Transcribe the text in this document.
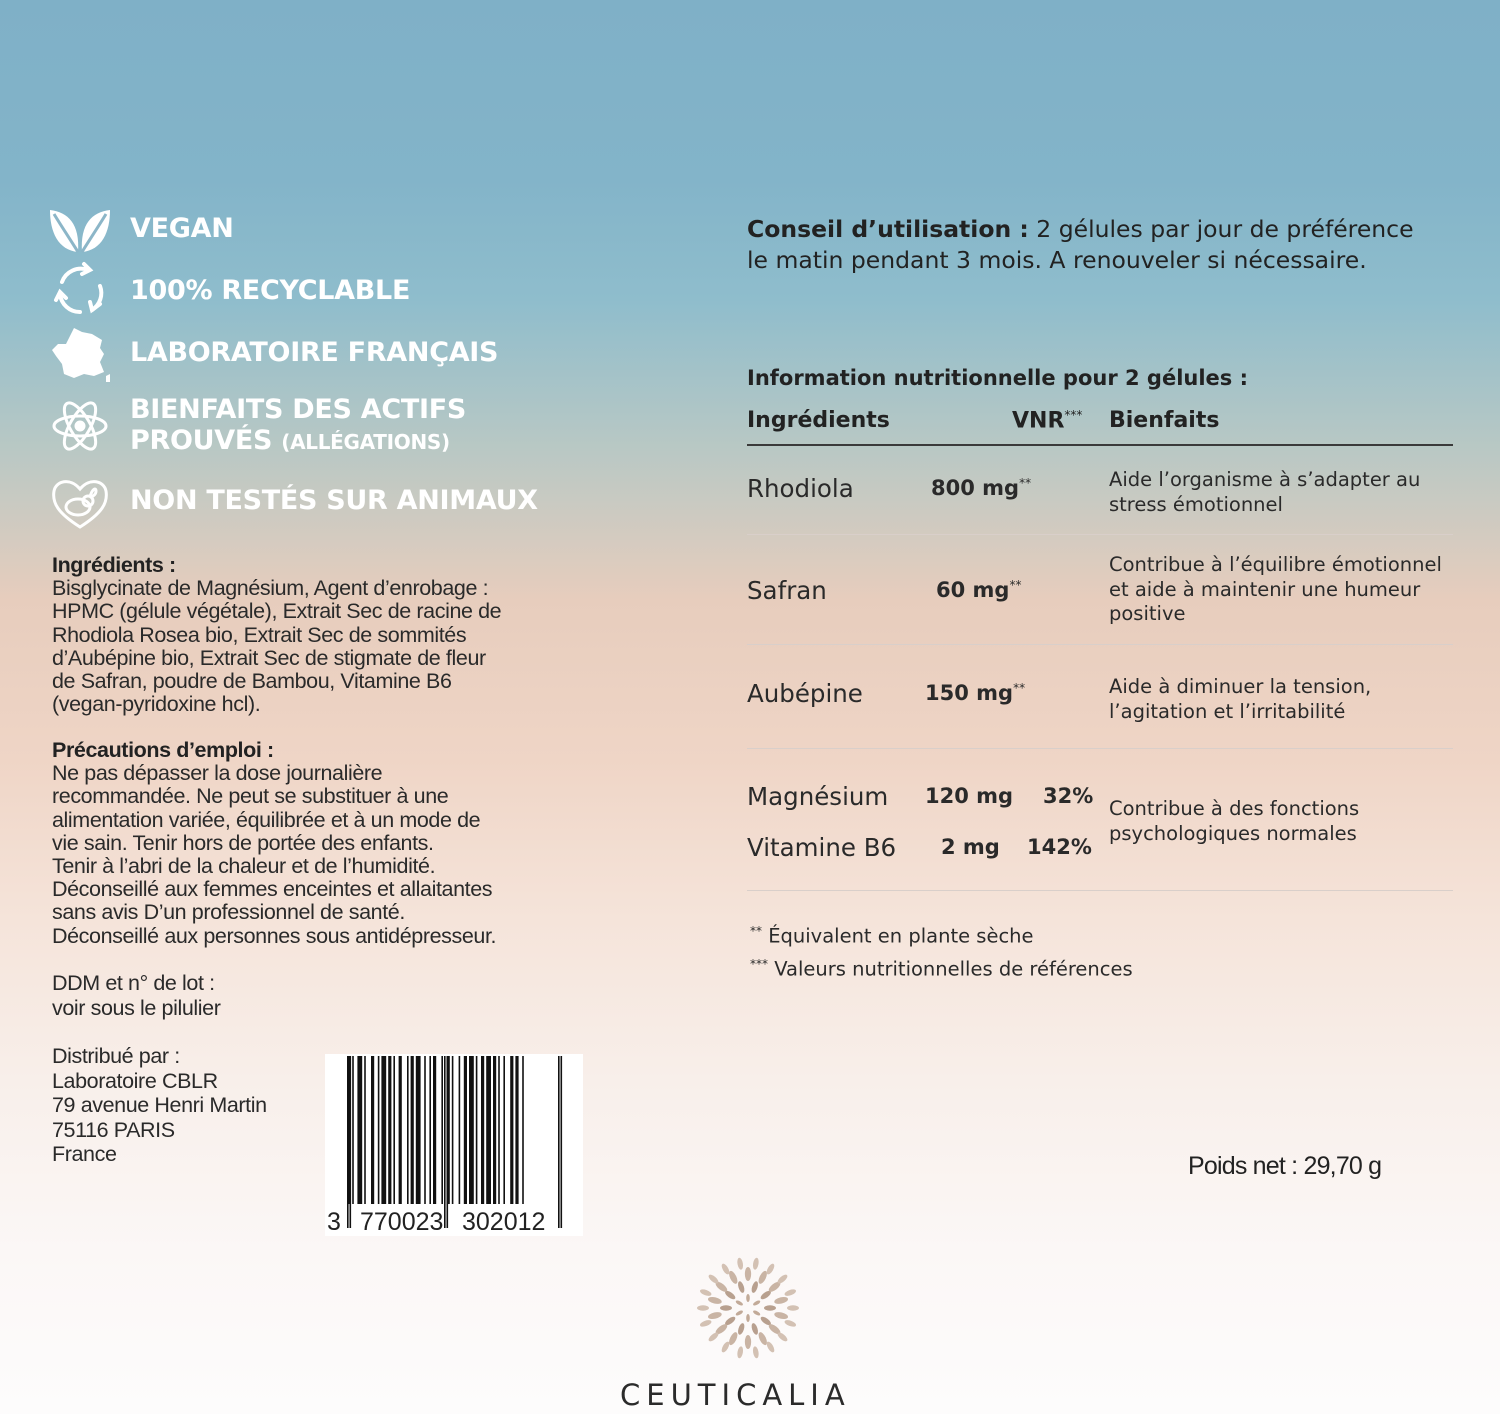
VEGAN
100% RECYCLABLE
LABORATOIRE FRANÇAIS
BIENFAITS DES ACTIFS
PROUVÉS (ALLÉGATIONS)
NON TESTÉS SUR ANIMAUX
Ingrédients :
Bisglycinate de Magnésium, Agent d’enrobage :
HPMC (gélule végétale), Extrait Sec de racine de
Rhodiola Rosea bio, Extrait Sec de sommités
d’Aubépine bio, Extrait Sec de stigmate de fleur
de Safran, poudre de Bambou, Vitamine B6
(vegan-pyridoxine hcl).
Précautions d’emploi :
Ne pas dépasser la dose journalière
recommandée. Ne peut se substituer à une
alimentation variée, équilibrée et à un mode de
vie sain. Tenir hors de portée des enfants.
Tenir à l’abri de la chaleur et de l’humidité.
Déconseillé aux femmes enceintes et allaitantes
sans avis D’un professionnel de santé.
Déconseillé aux personnes sous antidépresseur.
DDM et n° de lot :
voir sous le pilulier
Distribué par :
Laboratoire CBLR
79 avenue Henri Martin
75116 PARIS
France
3 770023 302012
Conseil d’utilisation : 2 gélules par jour de préférence
le matin pendant 3 mois. A renouveler si nécessaire.
Information nutritionnelle pour 2 gélules :
Ingrédients	VNR*** Bienfaits
Rhodiola	800 mg**	Aide l’organisme à s’adapter au
stress émotionnel
Safran	60 mg**
Contribue à l’équilibre émotionnel
et aide à maintenir une humeur
positive
Aubépine	150 mg**	Aide à diminuer la tension,
l’agitation et l’irritabilité
Magnésium 120 mg 32%
Vitamine B6 2 mg 142%
Contribue à des fonctions
psychologiques normales
** Équivalent en plante sèche
*** Valeurs nutritionnelles de références
Poids net : 29,70 g
CEUTICALIA
